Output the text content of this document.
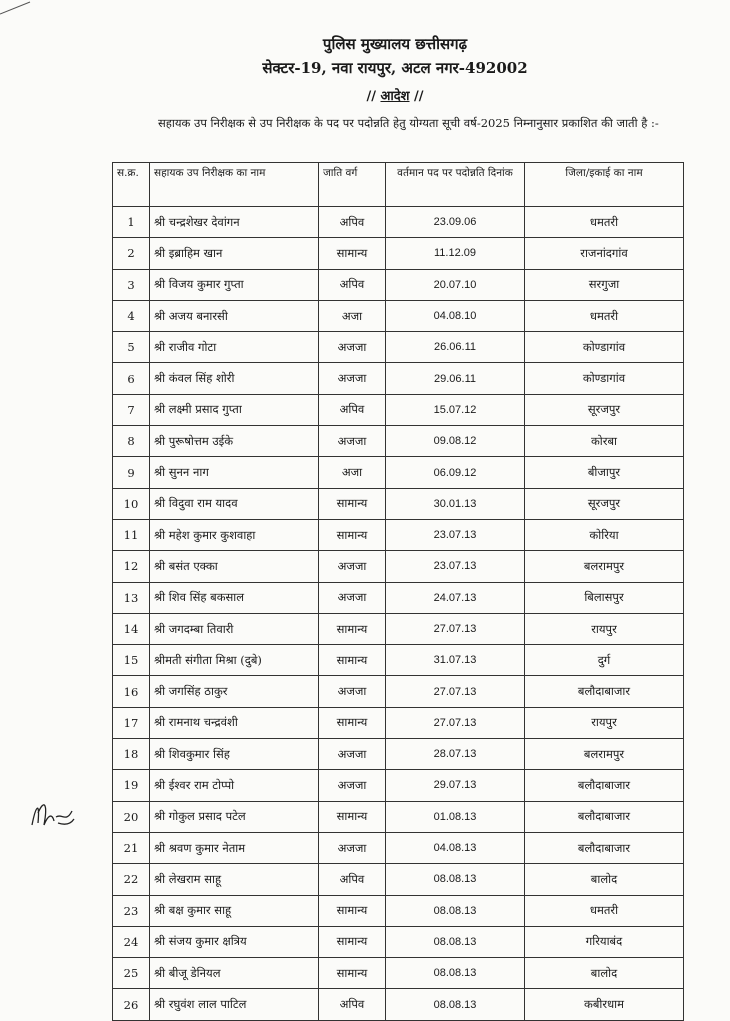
पुलिस मुख्यालय छत्तीसगढ़
सेक्टर-19, नवा रायपुर, अटल नगर-492002
// आदेश //
सहायक उप निरीक्षक से उप निरीक्षक के पद पर पदोन्नति हेतु योग्यता सूची वर्ष-2025 निम्नानुसार प्रकाशित की जाती है :-
स.क्र.	सहायक उप निरीक्षक का नाम	जाति वर्ग	वर्तमान पद पर पदोन्नति दिनांक	जिला/इकाई का नाम
1	श्री चन्द्रशेखर देवांगन	अपिव	23.09.06	धमतरी
2	श्री इब्राहिम खान	सामान्य	11.12.09	राजनांदगांव
3	श्री विजय कुमार गुप्ता	अपिव	20.07.10	सरगुजा
4	श्री अजय बनारसी	अजा	04.08.10	धमतरी
5	श्री राजीव गोटा	अजजा	26.06.11	कोण्डागांव
6	श्री कंवल सिंह शोरी	अजजा	29.06.11	कोण्डागांव
7	श्री लक्ष्मी प्रसाद गुप्ता	अपिव	15.07.12	सूरजपुर
8	श्री पुरूषोत्तम उईके	अजजा	09.08.12	कोरबा
9	श्री सुनन नाग	अजा	06.09.12	बीजापुर
10	श्री विदुवा राम यादव	सामान्य	30.01.13	सूरजपुर
11	श्री महेश कुमार कुशवाहा	सामान्य	23.07.13	कोरिया
12	श्री बसंत एक्का	अजजा	23.07.13	बलरामपुर
13	श्री शिव सिंह बकसाल	अजजा	24.07.13	बिलासपुर
14	श्री जगदम्बा तिवारी	सामान्य	27.07.13	रायपुर
15	श्रीमती संगीता मिश्रा (दुबे)	सामान्य	31.07.13	दुर्ग
16	श्री जगसिंह ठाकुर	अजजा	27.07.13	बलौदाबाजार
17	श्री रामनाथ चन्द्रवंशी	सामान्य	27.07.13	रायपुर
18	श्री शिवकुमार सिंह	अजजा	28.07.13	बलरामपुर
19	श्री ईश्वर राम टोप्पो	अजजा	29.07.13	बलौदाबाजार
20	श्री गोकुल प्रसाद पटेल	सामान्य	01.08.13	बलौदाबाजार
21	श्री श्रवण कुमार नेताम	अजजा	04.08.13	बलौदाबाजार
22	श्री लेखराम साहू	अपिव	08.08.13	बालोद
23	श्री बक्ष कुमार साहू	सामान्य	08.08.13	धमतरी
24	श्री संजय कुमार क्षत्रिय	सामान्य	08.08.13	गरियाबंद
25	श्री बीजू डेनियल	सामान्य	08.08.13	बालोद
26	श्री रघुवंश लाल पाटिल	अपिव	08.08.13	कबीरधाम
